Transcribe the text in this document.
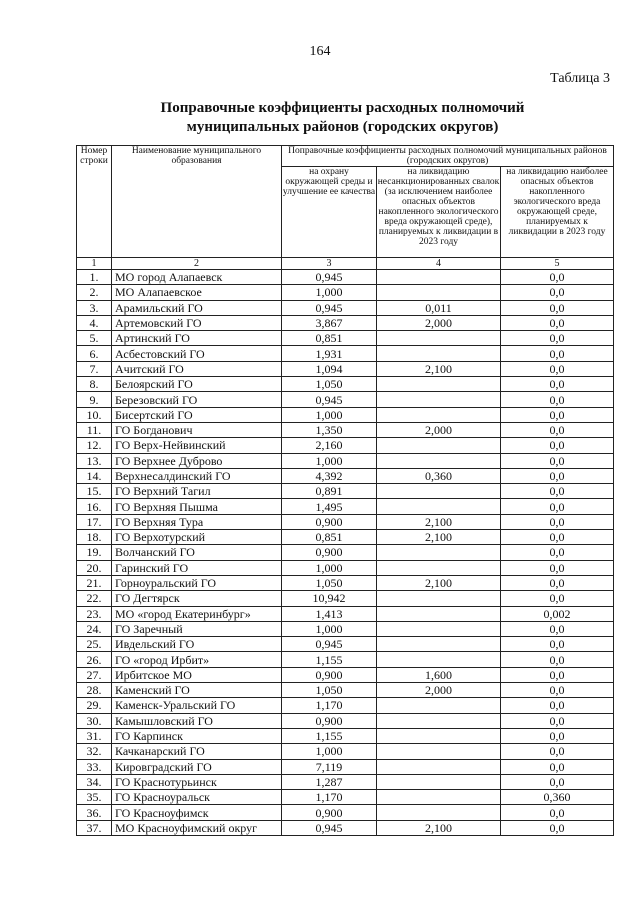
164
Таблица 3
Поправочные коэффициенты расходных полномочий
муниципальных районов (городских округов)
Номер строки	Наименование муниципального образования	Поправочные коэффициенты расходных полномочий муниципальных районов (городских округов)		
		на охрану окружающей среды и улучшение ее качества	на ликвидацию несанкционированных свалок (за исключением наиболее опасных объектов накопленного экологического вреда окружающей среде), планируемых к ликвидации в 2023 году	на ликвидацию наиболее опасных объектов накопленного экологического вреда окружающей среде, планируемых к ликвидации в 2023 году
1	2	3	4	5
1.	МО город Алапаевск	0,945		0,0
2.	МО Алапаевское	1,000		0,0
3.	Арамильский ГО	0,945	0,011	0,0
4.	Артемовский ГО	3,867	2,000	0,0
5.	Артинский ГО	0,851		0,0
6.	Асбестовский ГО	1,931		0,0
7.	Ачитский ГО	1,094	2,100	0,0
8.	Белоярский ГО	1,050		0,0
9.	Березовский ГО	0,945		0,0
10.	Бисертский ГО	1,000		0,0
11.	ГО Богданович	1,350	2,000	0,0
12.	ГО Верх-Нейвинский	2,160		0,0
13.	ГО Верхнее Дуброво	1,000		0,0
14.	Верхнесалдинский ГО	4,392	0,360	0,0
15.	ГО Верхний Тагил	0,891		0,0
16.	ГО Верхняя Пышма	1,495		0,0
17.	ГО Верхняя Тура	0,900	2,100	0,0
18.	ГО Верхотурский	0,851	2,100	0,0
19.	Волчанский ГО	0,900		0,0
20.	Гаринский ГО	1,000		0,0
21.	Горноуральский ГО	1,050	2,100	0,0
22.	ГО Дегтярск	10,942		0,0
23.	МО «город Екатеринбург»	1,413		0,002
24.	ГО Заречный	1,000		0,0
25.	Ивдельский ГО	0,945		0,0
26.	ГО «город Ирбит»	1,155		0,0
27.	Ирбитское МО	0,900	1,600	0,0
28.	Каменский ГО	1,050	2,000	0,0
29.	Каменск-Уральский ГО	1,170		0,0
30.	Камышловский ГО	0,900		0,0
31.	ГО Карпинск	1,155		0,0
32.	Качканарский ГО	1,000		0,0
33.	Кировградский ГО	7,119		0,0
34.	ГО Краснотурьинск	1,287		0,0
35.	ГО Красноуральск	1,170		0,360
36.	ГО Красноуфимск	0,900		0,0
37.	МО Красноуфимский округ	0,945	2,100	0,0
